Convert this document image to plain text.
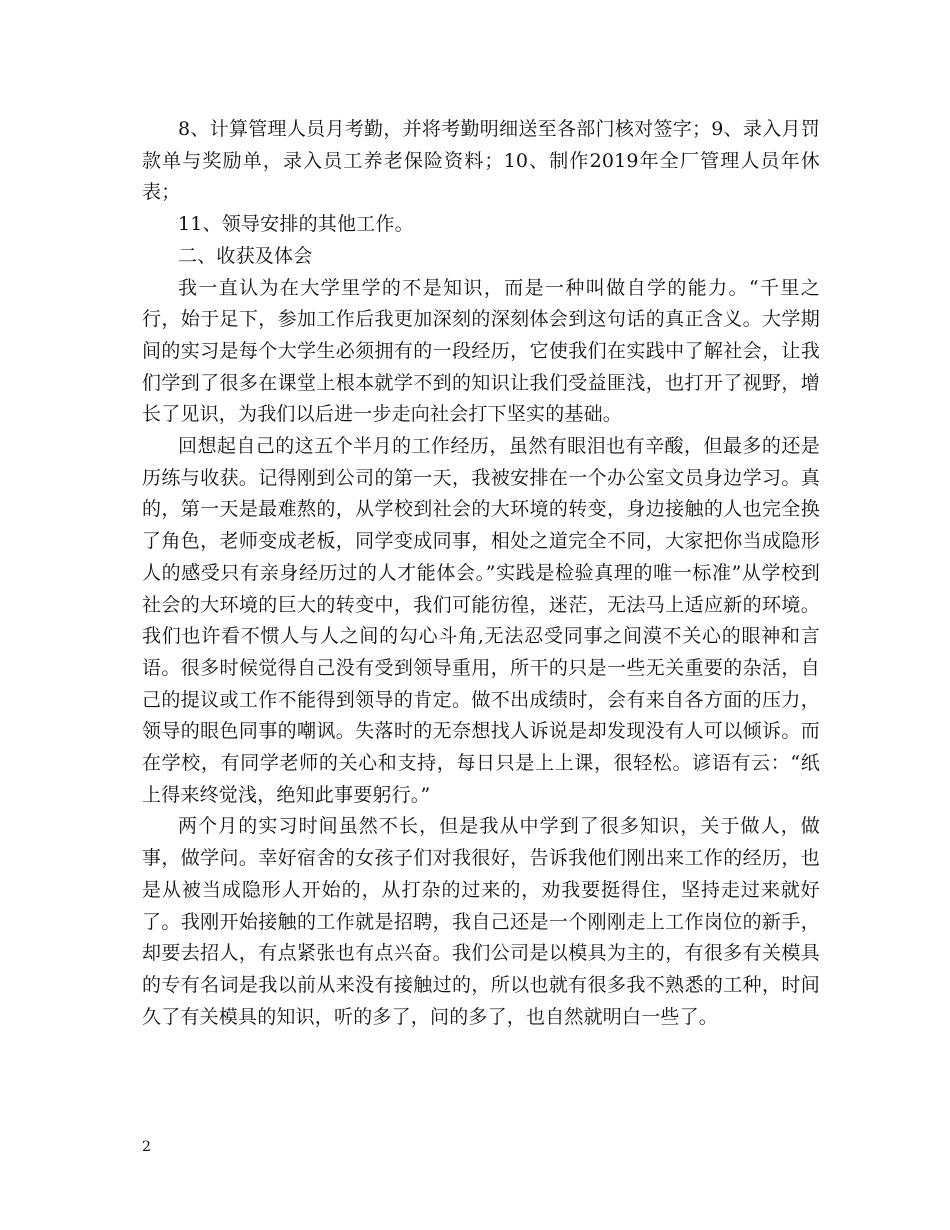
8、计算管理人员月考勤，并将考勤明细送至各部门核对签字；9、录入月罚款单与奖励单，录入员工养老保险资料；10、制作2019年全厂管理人员年休表；

11、领导安排的其他工作。

二、收获及体会

我一直认为在大学里学的不是知识，而是一种叫做自学的能力。“千里之行，始于足下，参加工作后我更加深刻的深刻体会到这句话的真正含义。大学期间的实习是每个大学生必须拥有的一段经历，它使我们在实践中了解社会，让我们学到了很多在课堂上根本就学不到的知识让我们受益匪浅，也打开了视野，增长了见识，为我们以后进一步走向社会打下坚实的基础。

回想起自己的这五个半月的工作经历，虽然有眼泪也有辛酸，但最多的还是历练与收获。记得刚到公司的第一天，我被安排在一个办公室文员身边学习。真的，第一天是最难熬的，从学校到社会的大环境的转变，身边接触的人也完全换了角色，老师变成老板，同学变成同事，相处之道完全不同，大家把你当成隐形人的感受只有亲身经历过的人才能体会。”实践是检验真理的唯一标准”从学校到社会的大环境的巨大的转变中，我们可能彷徨，迷茫，无法马上适应新的环境。我们也许看不惯人与人之间的勾心斗角,无法忍受同事之间漠不关心的眼神和言语。很多时候觉得自己没有受到领导重用，所干的只是一些无关重要的杂活，自己的提议或工作不能得到领导的肯定。做不出成绩时，会有来自各方面的压力，领导的眼色同事的嘲讽。失落时的无奈想找人诉说是却发现没有人可以倾诉。而在学校，有同学老师的关心和支持，每日只是上上课，很轻松。谚语有云：“纸上得来终觉浅，绝知此事要躬行。”

两个月的实习时间虽然不长，但是我从中学到了很多知识，关于做人，做事，做学问。幸好宿舍的女孩子们对我很好，告诉我他们刚出来工作的经历，也是从被当成隐形人开始的，从打杂的过来的，劝我要挺得住，坚持走过来就好了。我刚开始接触的工作就是招聘，我自己还是一个刚刚走上工作岗位的新手，却要去招人，有点紧张也有点兴奋。我们公司是以模具为主的，有很多有关模具的专有名词是我以前从来没有接触过的，所以也就有很多我不熟悉的工种，时间久了有关模具的知识，听的多了，问的多了，也自然就明白一些了。

2
